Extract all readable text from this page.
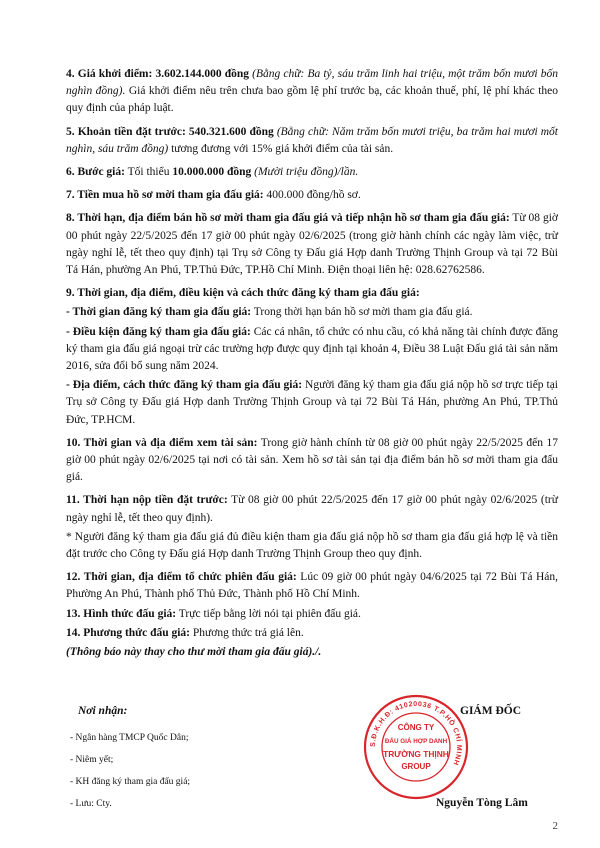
4. Giá khởi điểm: 3.602.144.000 đồng (Bằng chữ: Ba tỷ, sáu trăm linh hai triệu, một trăm bốn mươi bốn nghìn đồng). Giá khởi điểm nêu trên chưa bao gồm lệ phí trước bạ, các khoản thuế, phí, lệ phí khác theo quy định của pháp luật.

5. Khoản tiền đặt trước: 540.321.600 đồng (Bằng chữ: Năm trăm bốn mươi triệu, ba trăm hai mươi mốt nghìn, sáu trăm đồng) tương đương với 15% giá khởi điểm của tài sản.

6. Bước giá: Tối thiểu 10.000.000 đồng (Mười triệu đồng)/lần.

7. Tiền mua hồ sơ mời tham gia đấu giá: 400.000 đồng/hồ sơ.

8. Thời hạn, địa điểm bán hồ sơ mời tham gia đấu giá và tiếp nhận hồ sơ tham gia đấu giá: Từ 08 giờ 00 phút ngày 22/5/2025 đến 17 giờ 00 phút ngày 02/6/2025 (trong giờ hành chính các ngày làm việc, trừ ngày nghỉ lễ, tết theo quy định) tại Trụ sở Công ty Đấu giá Hợp danh Trường Thịnh Group và tại 72 Bùi Tá Hán, phường An Phú, TP.Thủ Đức, TP.Hồ Chí Minh. Điện thoại liên hệ: 028.62762586.

9. Thời gian, địa điểm, điều kiện và cách thức đăng ký tham gia đấu giá:

- Thời gian đăng ký tham gia đấu giá: Trong thời hạn bán hồ sơ mời tham gia đấu giá.

- Điều kiện đăng ký tham gia đấu giá: Các cá nhân, tổ chức có nhu cầu, có khả năng tài chính được đăng ký tham gia đấu giá ngoại trừ các trường hợp được quy định tại khoản 4, Điều 38 Luật Đấu giá tài sản năm 2016, sửa đổi bổ sung năm 2024.

- Địa điểm, cách thức đăng ký tham gia đấu giá: Người đăng ký tham gia đấu giá nộp hồ sơ trực tiếp tại Trụ sở Công ty Đấu giá Hợp danh Trường Thịnh Group và tại 72 Bùi Tá Hán, phường An Phú, TP.Thủ Đức, TP.HCM.

10. Thời gian và địa điểm xem tài sản: Trong giờ hành chính từ 08 giờ 00 phút ngày 22/5/2025 đến 17 giờ 00 phút ngày 02/6/2025 tại nơi có tài sản. Xem hồ sơ tài sản tại địa điểm bán hồ sơ mời tham gia đấu giá.

11. Thời hạn nộp tiền đặt trước: Từ 08 giờ 00 phút 22/5/2025 đến 17 giờ 00 phút ngày 02/6/2025 (trừ ngày nghỉ lễ, tết theo quy định).

* Người đăng ký tham gia đấu giá đủ điều kiện tham gia đấu giá nộp hồ sơ tham gia đấu giá hợp lệ và tiền đặt trước cho Công ty Đấu giá Hợp danh Trường Thịnh Group theo quy định.

12. Thời gian, địa điểm tổ chức phiên đấu giá: Lúc 09 giờ 00 phút ngày 04/6/2025 tại 72 Bùi Tá Hán, Phường An Phú, Thành phố Thủ Đức, Thành phố Hồ Chí Minh.

13. Hình thức đấu giá: Trực tiếp bằng lời nói tại phiên đấu giá.

14. Phương thức đấu giá: Phương thức trả giá lên.

(Thông báo này thay cho thư mời tham gia đấu giá)./.

Nơi nhận:
- Ngân hàng TMCP Quốc Dân;
- Niêm yết;
- KH đăng ký tham gia đấu giá;
- Lưu: Cty.
S.Đ.K.H.Đ: 41020036 T.P.HỒ CHÍ MINH
CÔNG TY
ĐẤU GIÁ HỢP DANH
TRƯỜNG THỊNH
GROUP
GIÁM ĐỐC
Nguyễn Tòng Lâm
2
